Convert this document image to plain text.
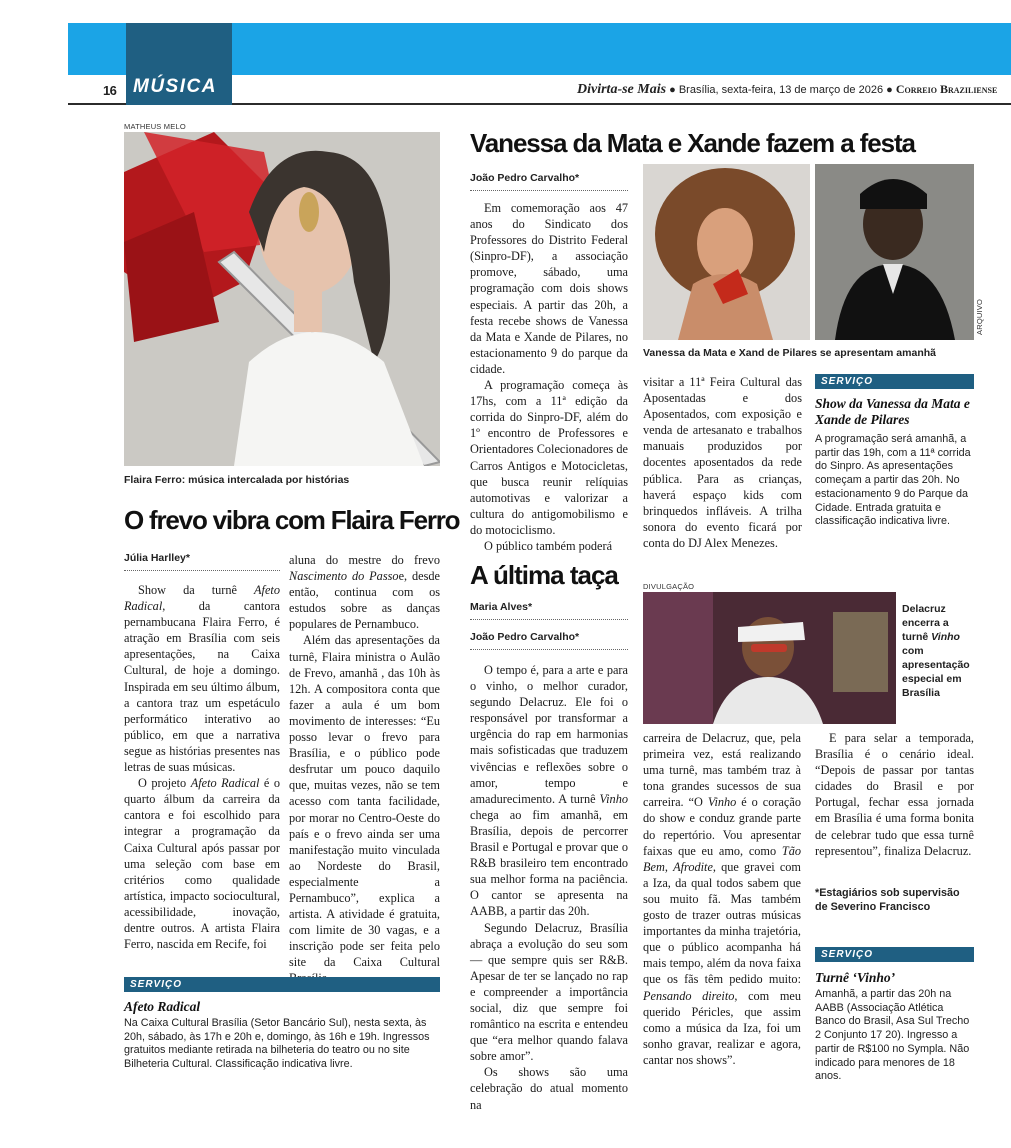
16 MÚSICA	Divirta-se Mais ● Brasília, sexta-feira, 13 de março de 2026 ● Correio Braziliense
MATHEUS MELO
Flaira Ferro: música intercalada por histórias
O frevo vibra com Flaira Ferro
Júlia Harlley*

Show da turnê Afeto Radical, da cantora pernambucana Flaira Ferro, é atração em Brasília com seis apresentações, na Caixa Cultural, de hoje a domingo. Inspirada em seu último álbum, a cantora traz um espetáculo performático interativo ao público, em que a narrativa segue as histórias presentes nas letras de suas músicas.

O projeto Afeto Radical é o quarto álbum da carreira da cantora e foi escolhido para integrar a programação da Caixa Cultural após passar por uma seleção com base em critérios como qualidade artística, impacto sociocultural, acessibilidade, inovação, dentre outros. A artista Flaira Ferro, nascida em Recife, foi

aluna do mestre do frevo Nascimento do Passoe, desde então, continua com os estudos sobre as danças populares de Pernambuco.

Além das apresentações da turnê, Flaira ministra o Aulão de Frevo, amanhã , das 10h às 12h. A compositora conta que fazer a aula é um bom movimento de interesses: “Eu posso levar o frevo para Brasília, e o público pode desfrutar um pouco daquilo que, muitas vezes, não se tem acesso com tanta facilidade, por morar no Centro-Oeste do país e o frevo ainda ser uma manifestação muito vinculada ao Nordeste do Brasil, especialmente a Pernambuco”, explica a artista. A atividade é gratuita, com limite de 30 vagas, e a inscrição pode ser feita pelo site da Caixa Cultural

SERVIÇO
Afeto Radical
Na Caixa Cultural Brasília (Setor Bancário Sul), nesta sexta, às 20h, sábado, às 17h e 20h e, domingo, às 16h e 19h. Ingressos gratuitos mediante retirada na bilheteria do teatro ou no site Bilheteria Cultural. Classificação indicativa livre.
Vanessa da Mata e Xande fazem a festa
João Pedro Carvalho*

Em comemoração aos 47 anos do Sindicato dos Professores do Distrito Federal (Sinpro-DF), a associação promove, sábado, uma programação com dois shows especiais. A partir das 20h, a festa recebe shows de Vanessa da Mata e Xande de Pilares, no estacionamento 9 do parque da cidade.

A programação começa às 17hs, com a 11ª edição da corrida do Sinpro-DF, além do 1º encontro de Professores e Orientadores Colecionadores de Carros Antigos e Motocicletas, que busca reunir relíquias automotivas e valorizar a cultura do antigomobilismo e do motociclismo.

O público também poderá

ARQUIVO
Vanessa da Mata e Xand de Pilares se apresentam amanhã

visitar a 11ª Feira Cultural das Aposentadas e dos Aposentados, com exposição e venda de artesanato e trabalhos manuais produzidos por docentes aposentados da rede pública. Para as crianças, haverá espaço kids com brinquedos infláveis. A trilha sonora do evento ficará por conta do DJ Alex Menezes.

SERVIÇO
Show da Vanessa da Mata e Xande de Pilares
A programação será amanhã, a partir das 19h, com a 11ª corrida do Sinpro. As apresentações começam a partir das 20h. No estacionamento 9 do Parque da Cidade. Entrada gratuita e classificação indicativa livre.
A última taça
Maria Alves*
João Pedro Carvalho*

O tempo é, para a arte e para o vinho, o melhor curador, segundo Delacruz. Ele foi o responsável por transformar a urgência do rap em harmonias mais sofisticadas que traduzem vivências e reflexões sobre o amor, tempo e amadurecimento. A turnê Vinho chega ao fim amanhã, em Brasília, depois de percorrer Brasil e Portugal e provar que o R&B brasileiro tem encontrado sua melhor forma na paciência. O cantor se apresenta na AABB, a partir das 20h.

Segundo Delacruz, Brasília abraça a evolução do seu som — que sempre quis ser R&B. Apesar de ter se lançado no rap e compreender a importância social, diz que sempre foi romântico na escrita e entendeu que “era melhor quando falava sobre amor”.

Os shows são uma celebração do atual momento na

DIVULGAÇÃO
Delacruz encerra a turnê Vinho com apresentação especial em Brasília

carreira de Delacruz, que, pela primeira vez, está realizando uma turnê, mas também traz à tona grandes sucessos de sua carreira. “O Vinho é o coração do show e conduz grande parte do repertório. Vou apresentar faixas que eu amo, como Tão Bem, Afrodite, que gravei com a Iza, da qual todos sabem que sou muito fã. Mas também gosto de trazer outras músicas importantes da minha trajetória, que o público acompanha há mais tempo, além da nova faixa que os fãs têm pedido muito: Pensando direito, com meu querido Péricles, que assim como a música da Iza, foi um sonho gravar, realizar e agora, cantar nos shows”.

E para selar a temporada, Brasília é o cenário ideal. “Depois de passar por tantas cidades do Brasil e por Portugal, fechar essa jornada em Brasília é uma forma bonita de celebrar tudo que essa turnê representou”, finaliza Delacruz.

*Estagiários sob supervisão de Severino Francisco
SERVIÇO
Turnê ‘Vinho’
Amanhã, a partir das 20h na AABB (Associação Atlética Banco do Brasil, Asa Sul Trecho 2 Conjunto 17 20). Ingresso a partir de R$100 no Sympla. Não indicado para menores de 18 anos.
